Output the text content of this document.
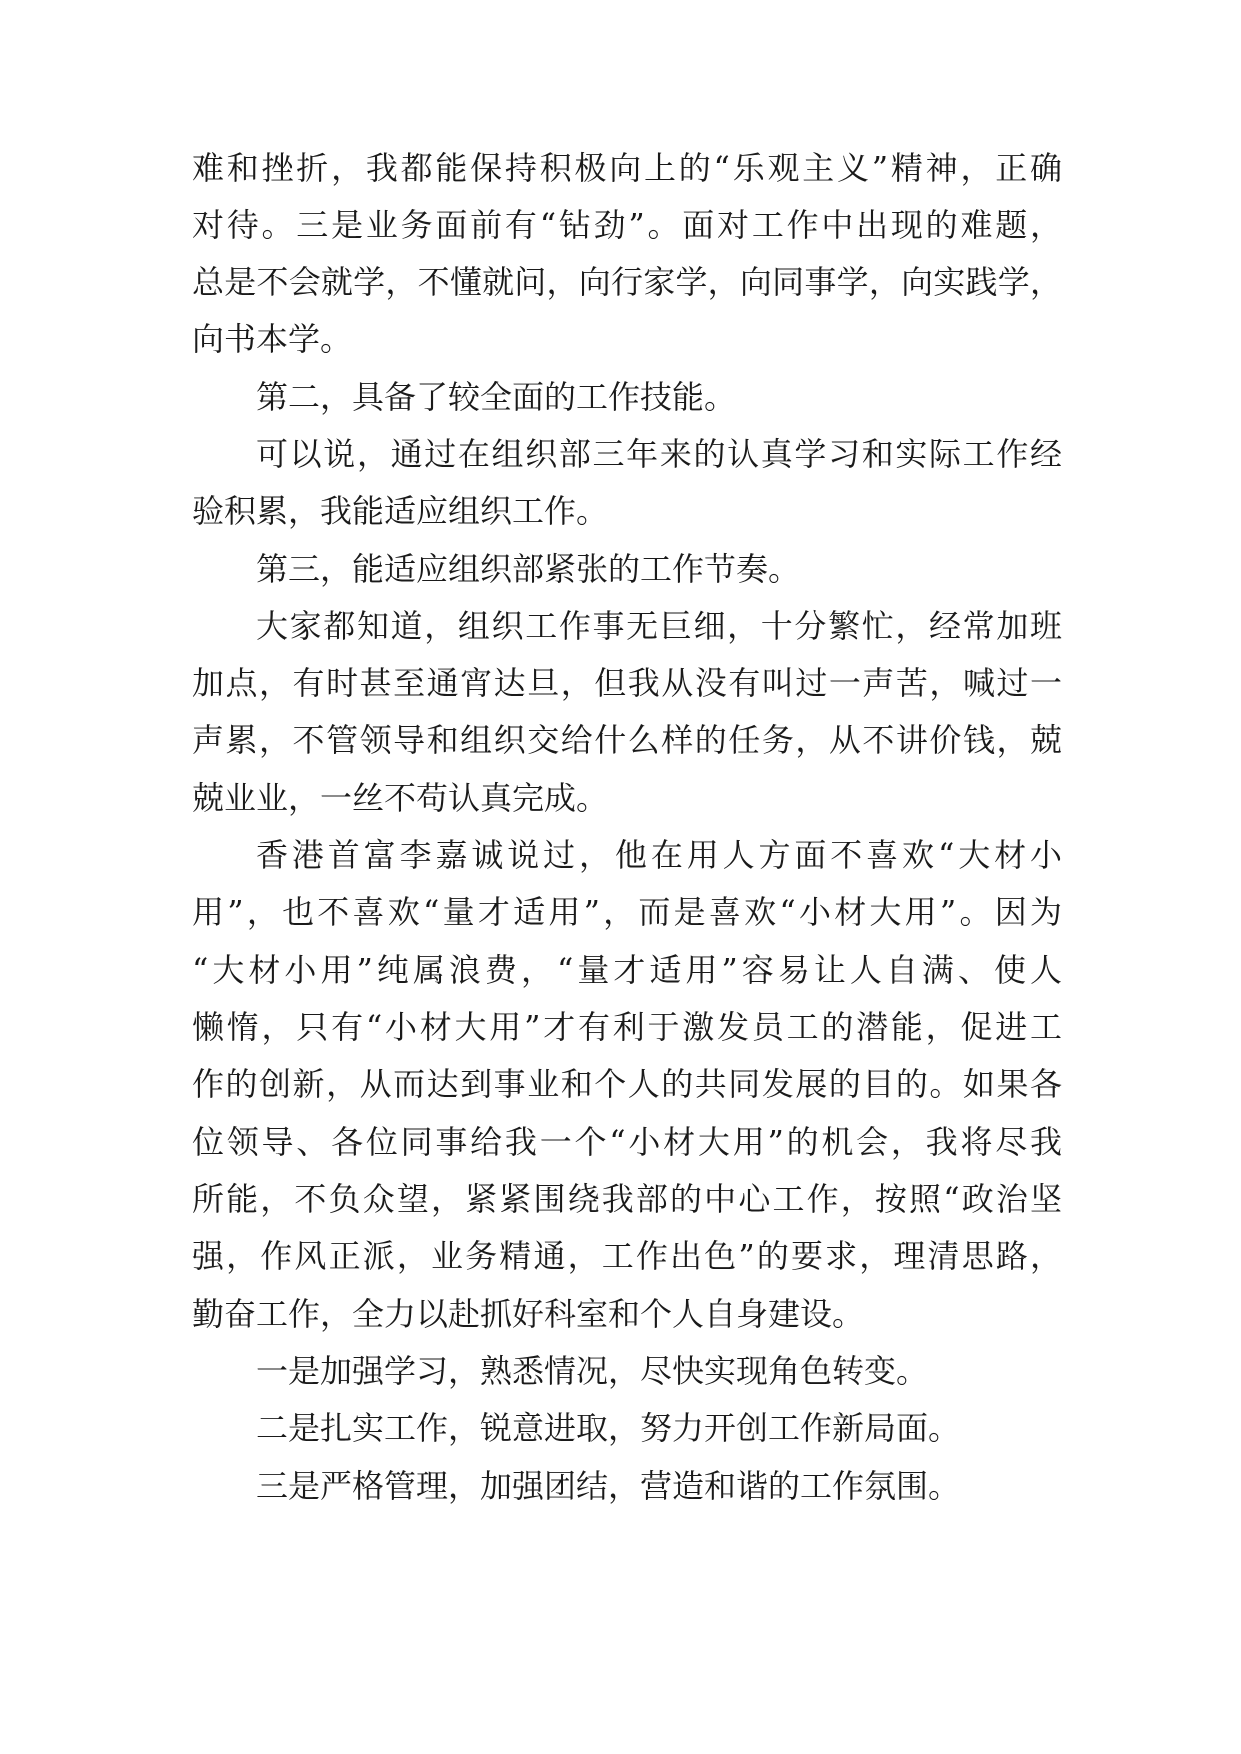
难和挫折，我都能保持积极向上的“乐观主义”精神，正确
对待。三是业务面前有“钻劲”。面对工作中出现的难题，
总是不会就学，不懂就问，向行家学，向同事学，向实践学，
向书本学。
第二，具备了较全面的工作技能。
可以说，通过在组织部三年来的认真学习和实际工作经
验积累，我能适应组织工作。
第三，能适应组织部紧张的工作节奏。
大家都知道，组织工作事无巨细，十分繁忙，经常加班
加点，有时甚至通宵达旦，但我从没有叫过一声苦，喊过一
声累，不管领导和组织交给什么样的任务，从不讲价钱，兢
兢业业，一丝不苟认真完成。
香港首富李嘉诚说过，他在用人方面不喜欢“大材小
用”，也不喜欢“量才适用”，而是喜欢“小材大用”。因为
“大材小用”纯属浪费，“量才适用”容易让人自满、使人
懒惰，只有“小材大用”才有利于激发员工的潜能，促进工
作的创新，从而达到事业和个人的共同发展的目的。如果各
位领导、各位同事给我一个“小材大用”的机会，我将尽我
所能，不负众望，紧紧围绕我部的中心工作，按照“政治坚
强，作风正派，业务精通，工作出色”的要求，理清思路，
勤奋工作，全力以赴抓好科室和个人自身建设。
一是加强学习，熟悉情况，尽快实现角色转变。
二是扎实工作，锐意进取，努力开创工作新局面。
三是严格管理，加强团结，营造和谐的工作氛围。
